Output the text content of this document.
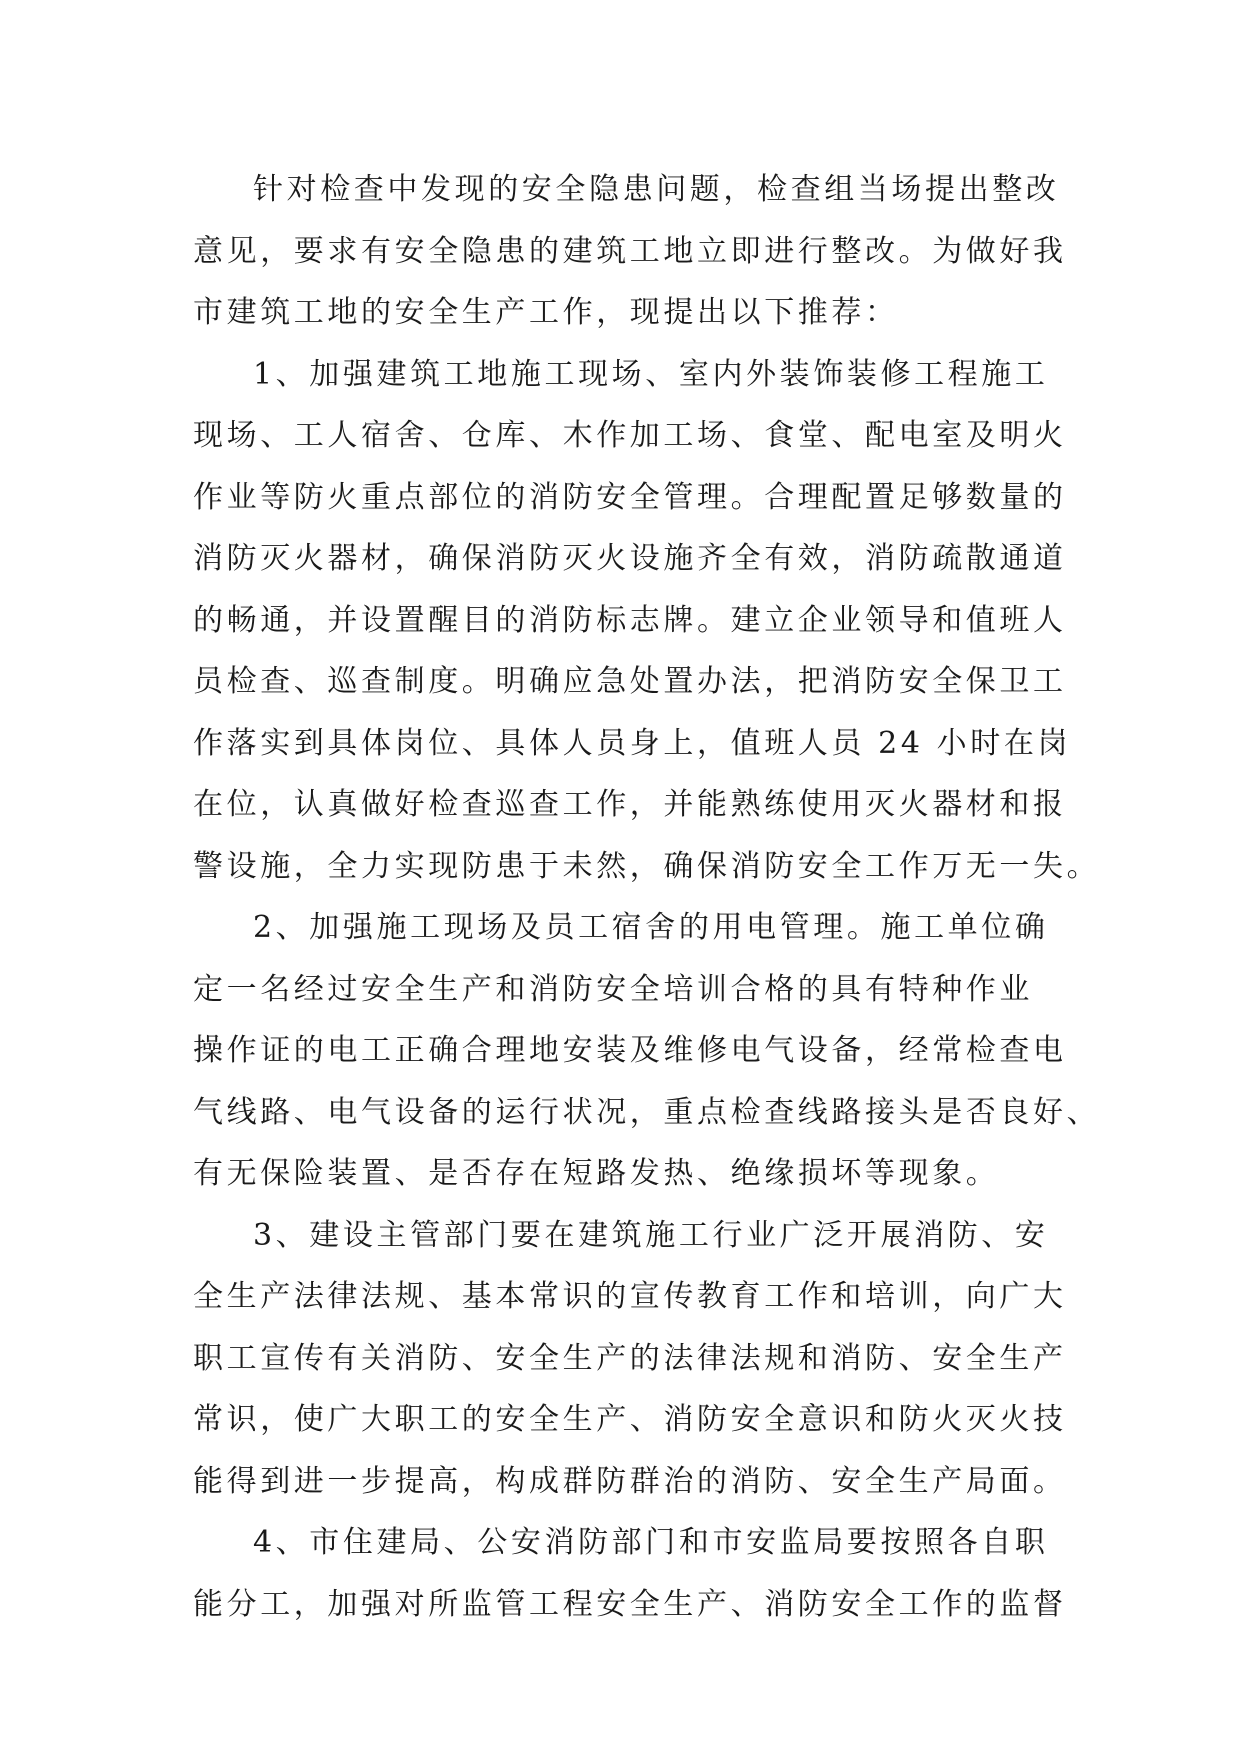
针对检查中发现的安全隐患问题，检查组当场提出整改
意见，要求有安全隐患的建筑工地立即进行整改。为做好我
市建筑工地的安全生产工作，现提出以下推荐：
1、加强建筑工地施工现场、室内外装饰装修工程施工
现场、工人宿舍、仓库、木作加工场、食堂、配电室及明火
作业等防火重点部位的消防安全管理。合理配置足够数量的
消防灭火器材，确保消防灭火设施齐全有效，消防疏散通道
的畅通，并设置醒目的消防标志牌。建立企业领导和值班人
员检查、巡查制度。明确应急处置办法，把消防安全保卫工
作落实到具体岗位、具体人员身上，值班人员 24 小时在岗
在位，认真做好检查巡查工作，并能熟练使用灭火器材和报
警设施，全力实现防患于未然，确保消防安全工作万无一失。
2、加强施工现场及员工宿舍的用电管理。施工单位确
定一名经过安全生产和消防安全培训合格的具有特种作业
操作证的电工正确合理地安装及维修电气设备，经常检查电
气线路、电气设备的运行状况，重点检查线路接头是否良好、
有无保险装置、是否存在短路发热、绝缘损坏等现象。
3、建设主管部门要在建筑施工行业广泛开展消防、安
全生产法律法规、基本常识的宣传教育工作和培训，向广大
职工宣传有关消防、安全生产的法律法规和消防、安全生产
常识，使广大职工的安全生产、消防安全意识和防火灭火技
能得到进一步提高，构成群防群治的消防、安全生产局面。
4、市住建局、公安消防部门和市安监局要按照各自职
能分工，加强对所监管工程安全生产、消防安全工作的监督
